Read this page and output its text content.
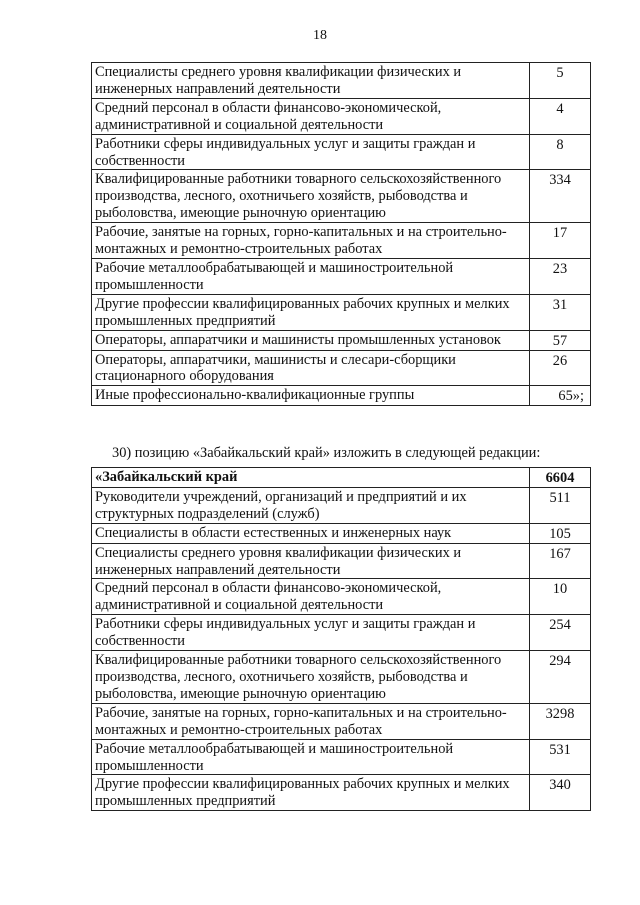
18
Специалисты среднего уровня квалификации физических и инженерных направлений деятельности	5
Средний персонал в области финансово-экономической, административной и социальной деятельности	4
Работники сферы индивидуальных услуг и защиты граждан и собственности	8
Квалифицированные работники товарного сельскохозяйственного производства, лесного, охотничьего хозяйств, рыбоводства и рыболовства, имеющие рыночную ориентацию	334
Рабочие, занятые на горных, горно-капитальных и на строительно-монтажных и ремонтно-строительных работах	17
Рабочие металлообрабатывающей и машиностроительной промышленности	23
Другие профессии квалифицированных рабочих крупных и мелких промышленных предприятий	31
Операторы, аппаратчики и машинисты промышленных установок	57
Операторы, аппаратчики, машинисты и слесари-сборщики стационарного оборудования	26
Иные профессионально-квалификационные группы	65»;
30) позицию «Забайкальский край» изложить в следующей редакции:
«Забайкальский край	6604
Руководители учреждений, организаций и предприятий и их структурных подразделений (служб)	511
Специалисты в области естественных и инженерных наук	105
Специалисты среднего уровня квалификации физических и инженерных направлений деятельности	167
Средний персонал в области финансово-экономической, административной и социальной деятельности	10
Работники сферы индивидуальных услуг и защиты граждан и собственности	254
Квалифицированные работники товарного сельскохозяйственного производства, лесного, охотничьего хозяйств, рыбоводства и рыболовства, имеющие рыночную ориентацию	294
Рабочие, занятые на горных, горно-капитальных и на строительно-монтажных и ремонтно-строительных работах	3298
Рабочие металлообрабатывающей и машиностроительной промышленности	531
Другие профессии квалифицированных рабочих крупных и мелких промышленных предприятий	340
